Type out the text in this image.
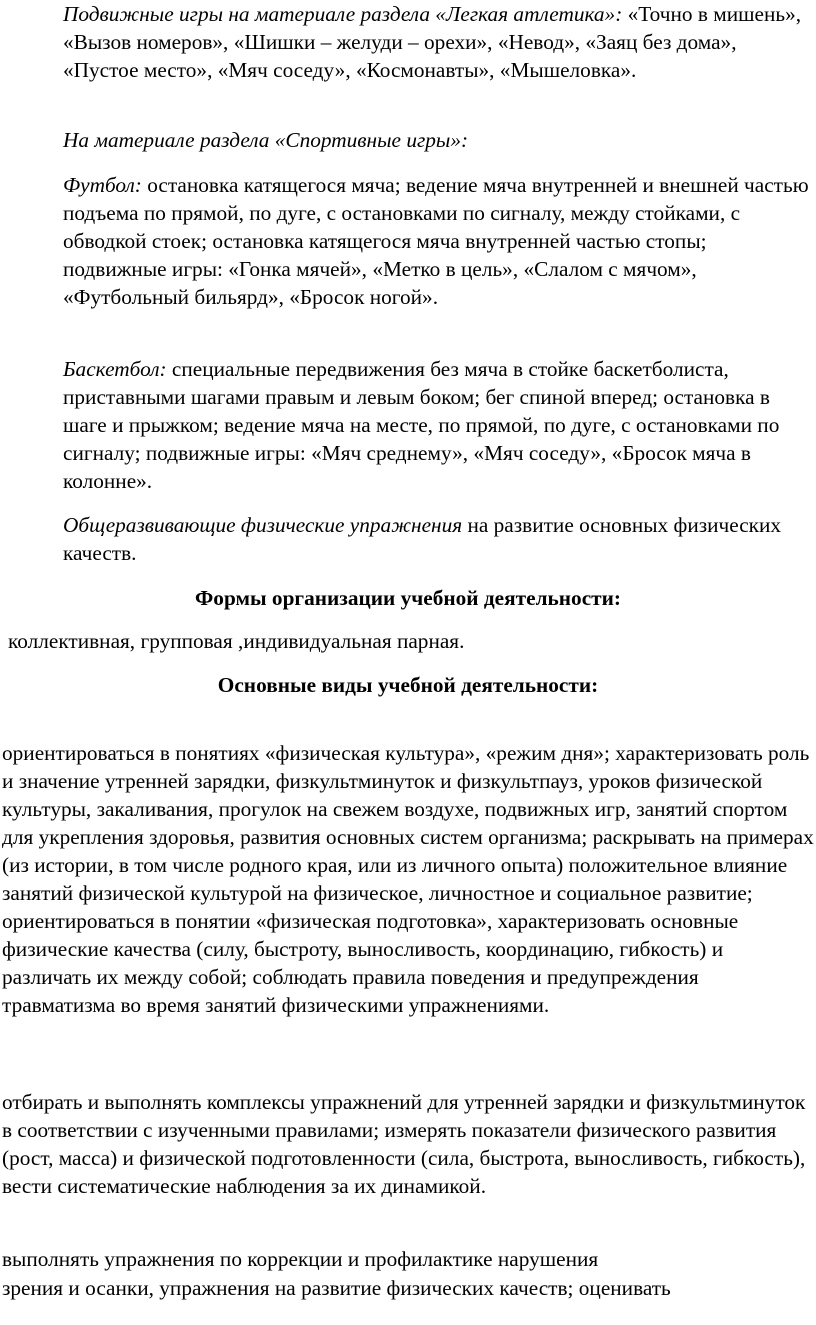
Подвижные игры на материале раздела «Легкая атлетика»: «Точно в мишень», «Вызов номеров», «Шишки – желуди – орехи», «Невод», «Заяц без дома», «Пустое место», «Мяч соседу», «Космонавты», «Мышеловка».

На материале раздела «Спортивные игры»:

Футбол: остановка катящегося мяча; ведение мяча внутренней и внешней частью подъема по прямой, по дуге, с остановками по сигналу, между стойками, с обводкой стоек; остановка катящегося мяча внутренней частью стопы; подвижные игры: «Гонка мячей», «Метко в цель», «Слалом с мячом», «Футбольный бильярд», «Бросок ногой».

Баскетбол: специальные передвижения без мяча в стойке баскетболиста, приставными шагами правым и левым боком; бег спиной вперед; остановка в шаге и прыжком; ведение мяча на месте, по прямой, по дуге, с остановками по сигналу; подвижные игры: «Мяч среднему», «Мяч соседу», «Бросок мяча в колонне».

Общеразвивающие физические упражнения на развитие основных физических качеств.

Формы организации учебной деятельности:

коллективная, групповая ,индивидуальная парная.

Основные виды учебной деятельности:

ориентироваться в понятиях «физическая культура», «режим дня»; характеризовать роль и значение утренней зарядки, физкультминуток и физкультпауз, уроков физической культуры, закаливания, прогулок на свежем воздухе, подвижных игр, занятий спортом для укрепления здоровья, развития основных систем организма; раскрывать на примерах (из истории, в том числе родного края, или из личного опыта) положительное влияние занятий физической культурой на физическое, личностное и социальное развитие; ориентироваться в понятии «физическая подготовка», характеризовать основные физические качества (силу, быстроту, выносливость, координацию, гибкость) и различать их между собой; соблюдать правила поведения и предупреждения травматизма во время занятий физическими упражнениями.

отбирать и выполнять комплексы упражнений для утренней зарядки и физкультминуток в соответствии с изученными правилами; измерять показатели физического развития (рост, масса) и физической подготовленности (сила, быстрота, выносливость, гибкость), вести систематические наблюдения за их динамикой.

выполнять упражнения по коррекции и профилактике нарушения
зрения и осанки, упражнения на развитие физических качеств; оценивать
